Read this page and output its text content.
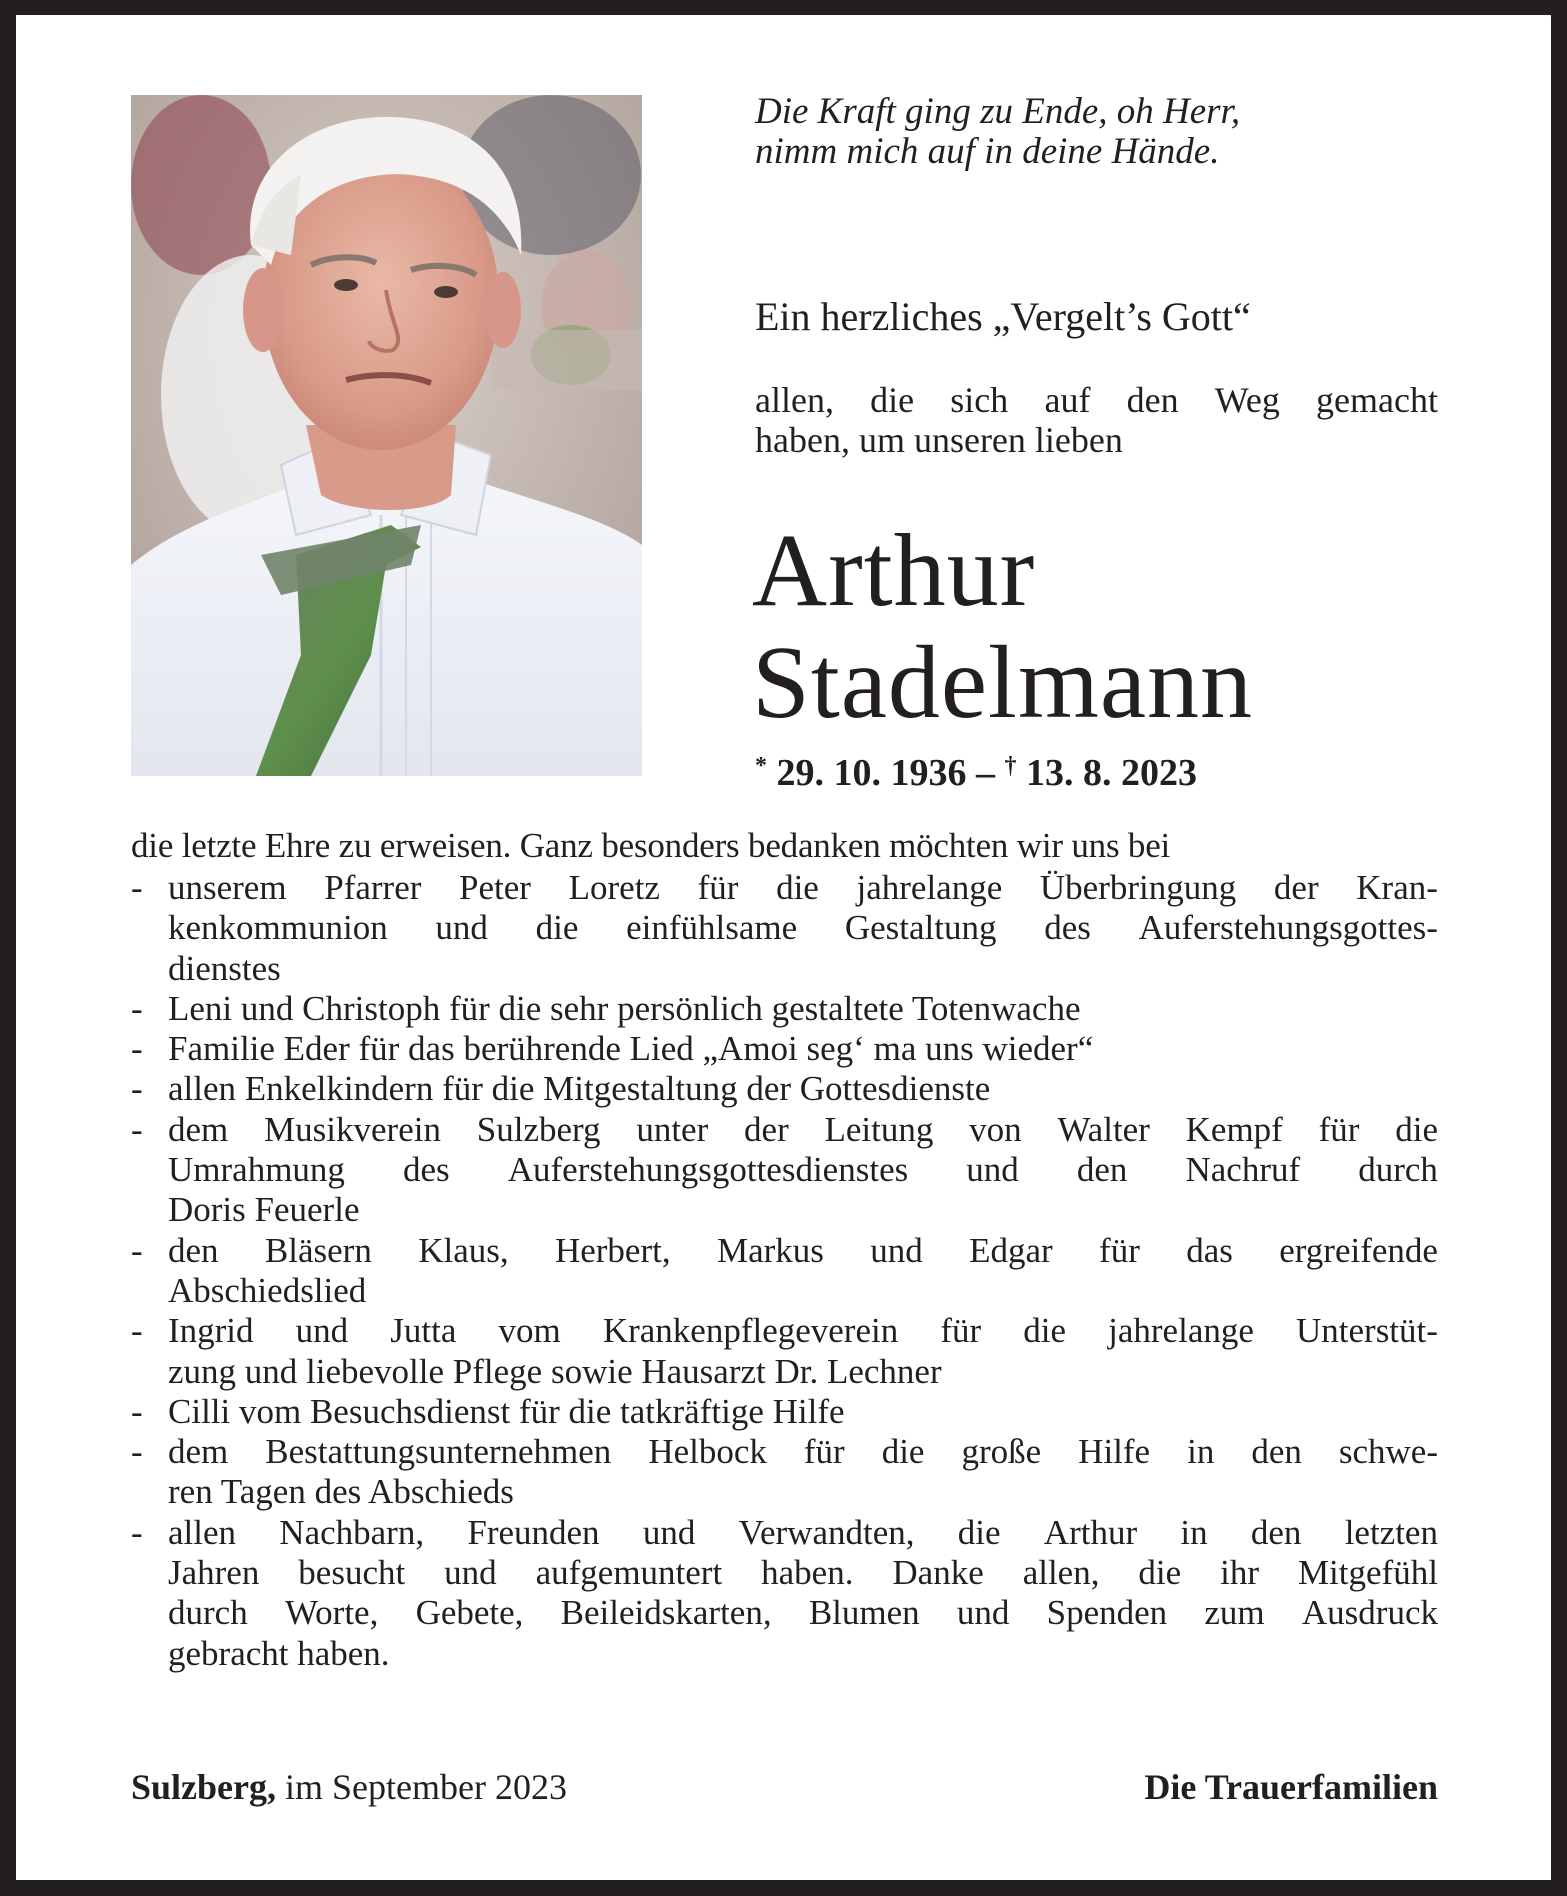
Die Kraft ging zu Ende, oh Herr,
nimm mich auf in deine Hände.
Ein herzliches „Vergelt’s Gott“
allen, die sich auf den Weg gemacht
haben, um unseren lieben
Arthur
Stadelmann
* 29. 10. 1936 – † 13. 8. 2023
die letzte Ehre zu erweisen. Ganz besonders bedanken möchten wir uns bei
- unserem Pfarrer Peter Loretz für die jahrelange Überbringung der Kran-
kenkommunion und die einfühlsame Gestaltung des Auferstehungsgottes-
dienstes
- Leni und Christoph für die sehr persönlich gestaltete Totenwache
- Familie Eder für das berührende Lied „Amoi seg‘ ma uns wieder“
- allen Enkelkindern für die Mitgestaltung der Gottesdienste
- dem Musikverein Sulzberg unter der Leitung von Walter Kempf für die
Umrahmung des Auferstehungsgottesdienstes und den Nachruf durch
Doris Feuerle
- den Bläsern Klaus, Herbert, Markus und Edgar für das ergreifende
Abschiedslied
- Ingrid und Jutta vom Krankenpflegeverein für die jahrelange Unterstüt-
zung und liebevolle Pflege sowie Hausarzt Dr. Lechner
- Cilli vom Besuchsdienst für die tatkräftige Hilfe
- dem Bestattungsunternehmen Helbock für die große Hilfe in den schwe-
ren Tagen des Abschieds
- allen Nachbarn, Freunden und Verwandten, die Arthur in den letzten
Jahren besucht und aufgemuntert haben. Danke allen, die ihr Mitgefühl
durch Worte, Gebete, Beileidskarten, Blumen und Spenden zum Ausdruck
gebracht haben.
Sulzberg, im September 2023	Die Trauerfamilien
